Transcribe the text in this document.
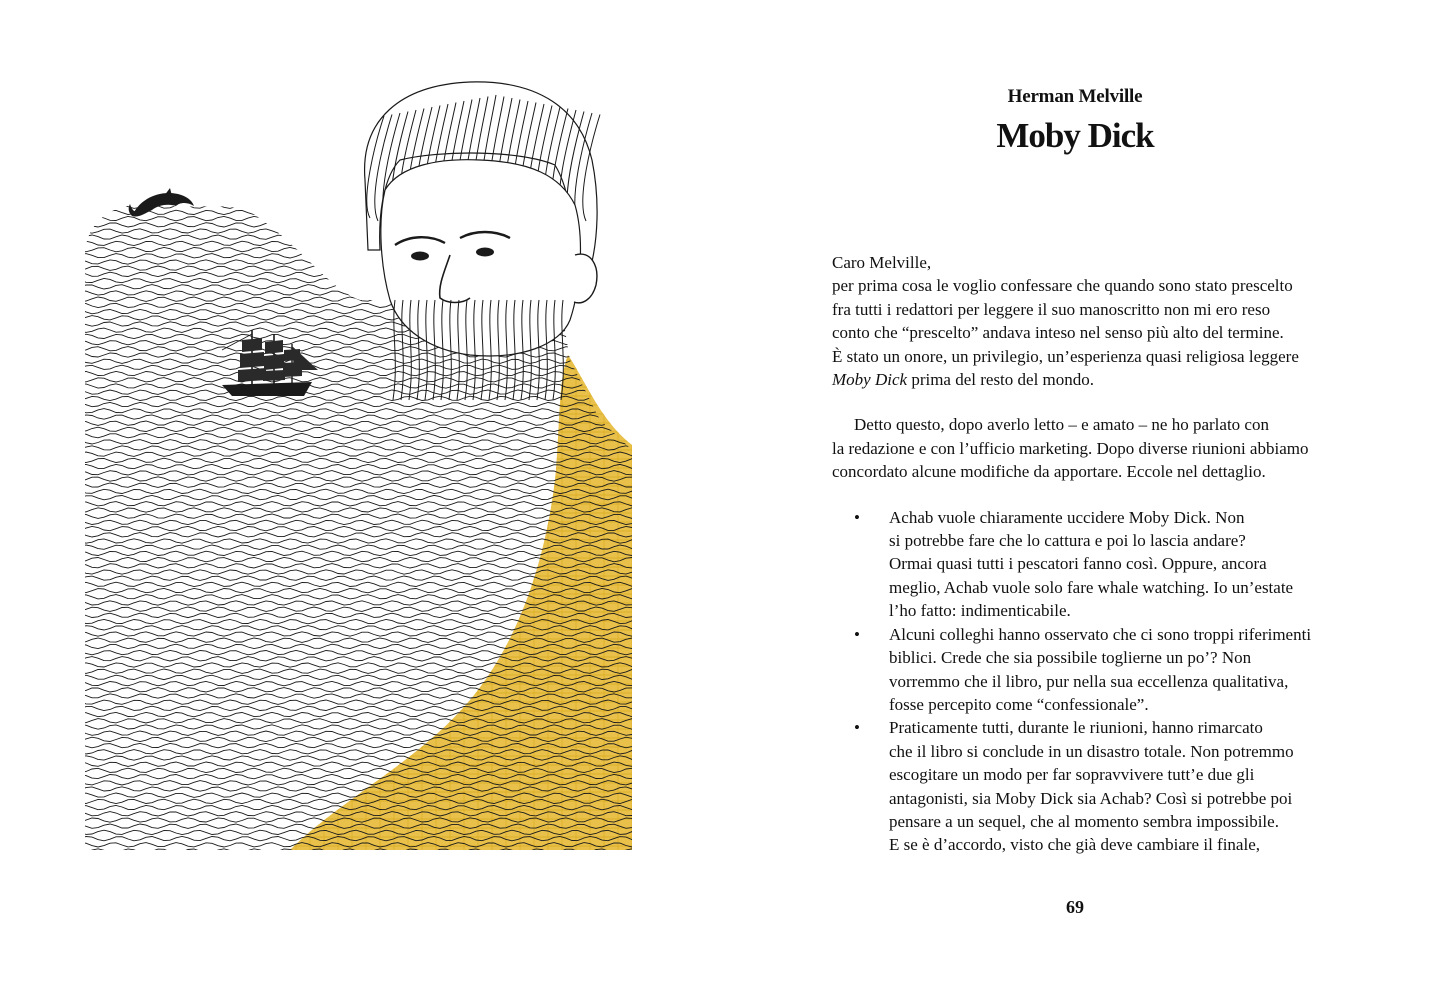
Herman Melville
Moby Dick
Caro Melville,
per prima cosa le voglio confessare che quando sono stato prescelto
fra tutti i redattori per leggere il suo manoscritto non mi ero reso
conto che “prescelto” andava inteso nel senso più alto del termine.
È stato un onore, un privilegio, un’esperienza quasi religiosa leggere
Moby Dick prima del resto del mondo.
Detto questo, dopo averlo letto – e amato – ne ho parlato con
la redazione e con l’ufficio marketing. Dopo diverse riunioni abbiamo
concordato alcune modifiche da apportare. Eccole nel dettaglio.
• Achab vuole chiaramente uccidere Moby Dick. Non
si potrebbe fare che lo cattura e poi lo lascia andare?
Ormai quasi tutti i pescatori fanno così. Oppure, ancora
meglio, Achab vuole solo fare whale watching. Io un’estate
l’ho fatto: indimenticabile.
• Alcuni colleghi hanno osservato che ci sono troppi riferimenti
biblici. Crede che sia possibile toglierne un po’? Non
vorremmo che il libro, pur nella sua eccellenza qualitativa,
fosse percepito come “confessionale”.
• Praticamente tutti, durante le riunioni, hanno rimarcato
che il libro si conclude in un disastro totale. Non potremmo
escogitare un modo per far sopravvivere tutt’e due gli
antagonisti, sia Moby Dick sia Achab? Così si potrebbe poi
pensare a un sequel, che al momento sembra impossibile.
E se è d’accordo, visto che già deve cambiare il finale,
69
